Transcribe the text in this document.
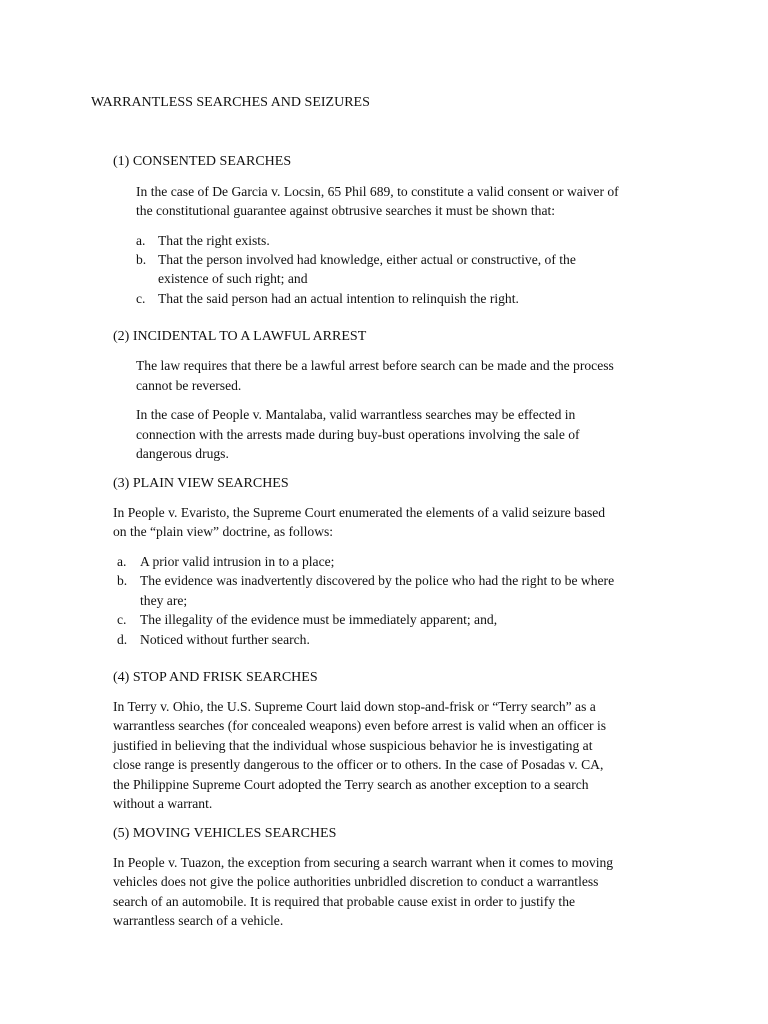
WARRANTLESS SEARCHES AND SEIZURES
(1) CONSENTED SEARCHES
In the case of De Garcia v. Locsin, 65 Phil 689, to constitute a valid consent or waiver of
the constitutional guarantee against obtrusive searches it must be shown that:
a. That the right exists.
b. That the person involved had knowledge, either actual or constructive, of the
existence of such right; and
c. That the said person had an actual intention to relinquish the right.
(2) INCIDENTAL TO A LAWFUL ARREST
The law requires that there be a lawful arrest before search can be made and the process
cannot be reversed.
In the case of People v. Mantalaba, valid warrantless searches may be effected in
connection with the arrests made during buy-bust operations involving the sale of
dangerous drugs.
(3) PLAIN VIEW SEARCHES
In People v. Evaristo, the Supreme Court enumerated the elements of a valid seizure based
on the “plain view” doctrine, as follows:
a. A prior valid intrusion in to a place;
b. The evidence was inadvertently discovered by the police who had the right to be where
they are;
c. The illegality of the evidence must be immediately apparent; and,
d. Noticed without further search.
(4) STOP AND FRISK SEARCHES
In Terry v. Ohio, the U.S. Supreme Court laid down stop-and-frisk or “Terry search” as a
warrantless searches (for concealed weapons) even before arrest is valid when an officer is
justified in believing that the individual whose suspicious behavior he is investigating at
close range is presently dangerous to the officer or to others. In the case of Posadas v. CA,
the Philippine Supreme Court adopted the Terry search as another exception to a search
without a warrant.
(5) MOVING VEHICLES SEARCHES
In People v. Tuazon, the exception from securing a search warrant when it comes to moving
vehicles does not give the police authorities unbridled discretion to conduct a warrantless
search of an automobile. It is required that probable cause exist in order to justify the
warrantless search of a vehicle.
